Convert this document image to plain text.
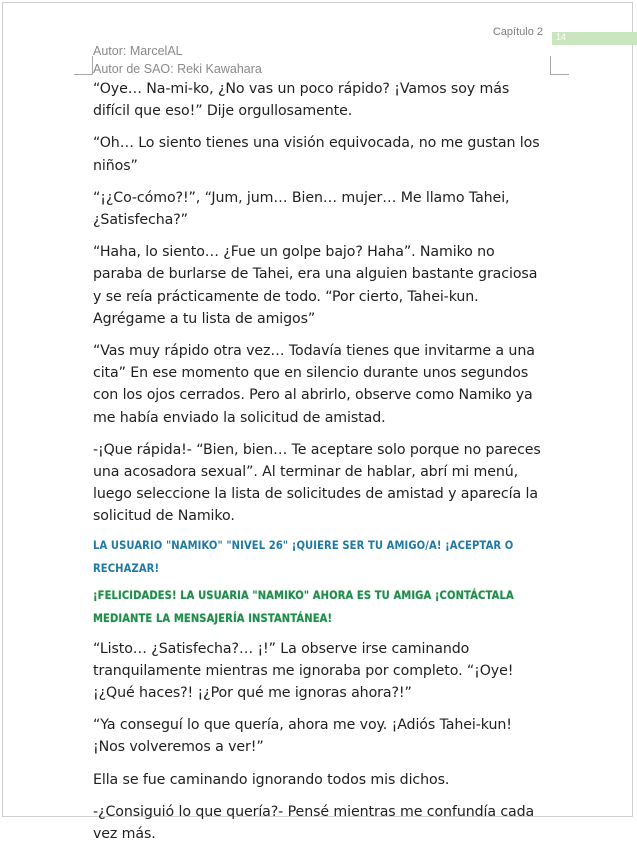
Capítulo 2 14
Autor: MarcelAL
Autor de SAO: Reki Kawahara

“Oye… Na-mi-ko, ¿No vas un poco rápido? ¡Vamos soy más difícil que eso!” Dije orgullosamente.

“Oh… Lo siento tienes una visión equivocada, no me gustan los niños”

“¡¿Co-cómo?!”, “Jum, jum… Bien… mujer… Me llamo Tahei, ¿Satisfecha?”

“Haha, lo siento… ¿Fue un golpe bajo? Haha”. Namiko no paraba de burlarse de Tahei, era una alguien bastante graciosa y se reía prácticamente de todo. “Por cierto, Tahei-kun. Agrégame a tu lista de amigos”

“Vas muy rápido otra vez… Todavía tienes que invitarme a una cita” En ese momento que en silencio durante unos segundos con los ojos cerrados. Pero al abrirlo, observe como Namiko ya me había enviado la solicitud de amistad.

-¡Que rápida!- “Bien, bien… Te aceptare solo porque no pareces una acosadora sexual”. Al terminar de hablar, abrí mi menú, luego seleccione la lista de solicitudes de amistad y aparecía la solicitud de Namiko.

LA USUARIO "NAMIKO" "NIVEL 26" ¡QUIERE SER TU AMIGO/A! ¡ACEPTAR O RECHAZAR!
¡FELICIDADES! LA USUARIA "NAMIKO" AHORA ES TU AMIGA ¡CONTÁCTALA MEDIANTE LA MENSAJERÍA INSTANTÁNEA!

“Listo… ¿Satisfecha?… ¡!” La observe irse caminando tranquilamente mientras me ignoraba por completo. “¡Oye! ¡¿Qué haces?! ¡¿Por qué me ignoras ahora?!”

“Ya conseguí lo que quería, ahora me voy. ¡Adiós Tahei-kun! ¡Nos volveremos a ver!”

Ella se fue caminando ignorando todos mis dichos.

-¿Consiguió lo que quería?- Pensé mientras me confundía cada vez más.
